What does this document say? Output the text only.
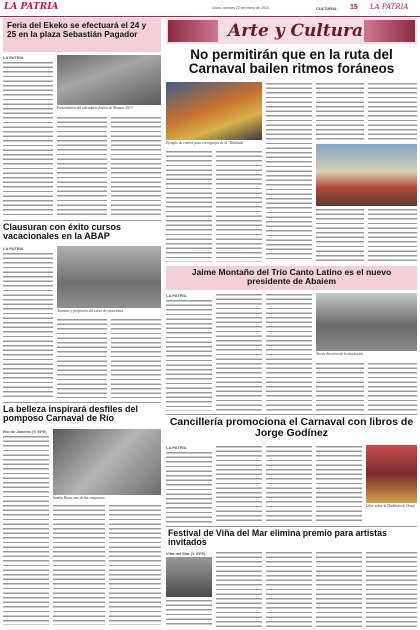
LA PATRIA	Oruro, viernes 22 de enero de 2013	CULTURAL 15 LA PATRIA
Feria del Ekeko se efectuará el 24 y 25 en la plaza Sebastián Pagador
LA PATRIA
Presentación del calendario festivo de Alasitas 2013
Clausuran con éxito cursos vacacionales en la ABAP
LA PATRIA
Alumnos y profesores del curso de vacaciones
La belleza inspirará desfiles del pomposo Carnaval de Río
Río de Janeiro (Y. EFE)
Samba Dona, una de las comparsas
Arte y Cultura
No permitirán que en la ruta del Carnaval bailen ritmos foráneos
Ejemplo de control para coreógrafos de la "Diablada"
Jaime Montaño del Trío Canto Latino es el nuevo presidente de Abaiem
LA PATRIA
Nueva directiva de la asociación
Cancillería promociona el Carnaval con libros de Jorge Godínez
LA PATRIA
Libro sobre la Diablada de Oruro
Festival de Viña del Mar elimina premio para artistas invitados
Viña del Mar (Y. EFE)
